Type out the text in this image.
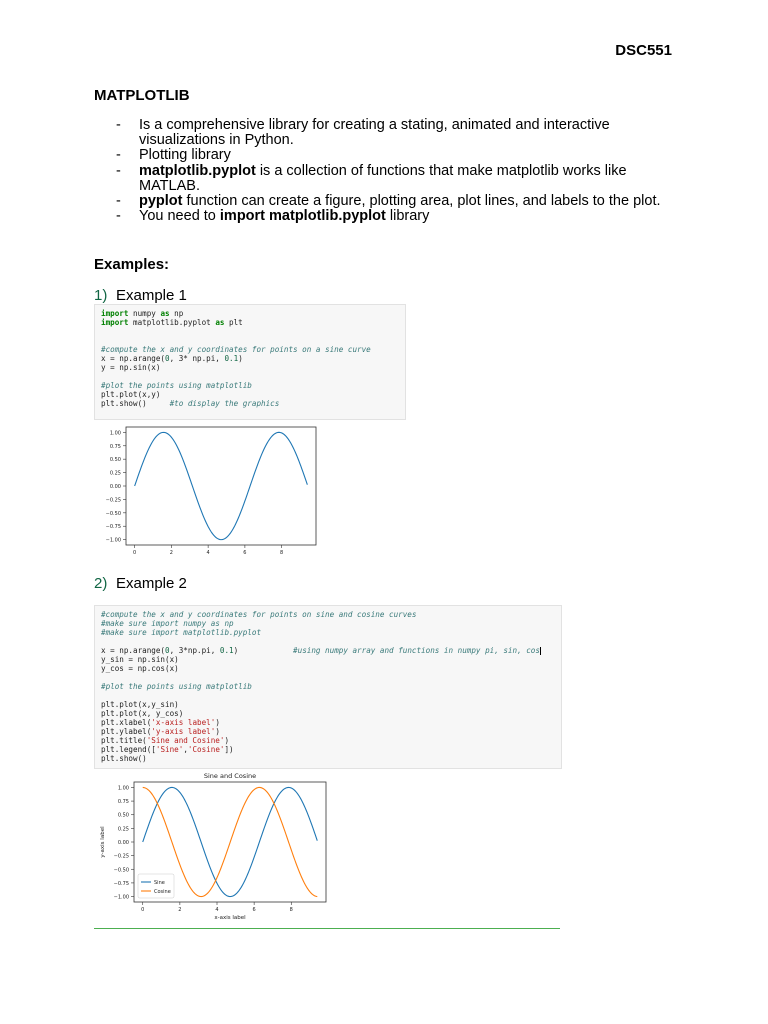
DSC551
MATPLOTLIB
- Is a comprehensive library for creating a stating, animated and interactive
visualizations in Python.
- Plotting library
- matplotlib.pyplot is a collection of functions that make matplotlib works like
MATLAB.
- pyplot function can create a figure, plotting area, plot lines, and labels to the plot.
- You need to import matplotlib.pyplot library
Examples:
1) Example 1
import numpy as np
import matplotlib.pyplot as plt
#compute the x and y coordinates for points on a sine curve
x = np.arange(0, 3* np.pi, 0.1)
y = np.sin(x)
#plot the points using matplotlib
plt.plot(x,y)
plt.show()     #to display the graphics
1.00
0.75
0.50
0.25
0.00
−0.25
−0.50
−0.75
−1.00
0	2	4	6	8
2) Example 2
#compute the x and y coordinates for points on sine and cosine curves
#make sure import numpy as np
#make sure import matplotlib.pyplot
x = np.arange(0, 3*np.pi, 0.1)            #using numpy array and functions in numpy pi, sin, cos
y_sin = np.sin(x)
y_cos = np.cos(x)
#plot the points using matplotlib
plt.plot(x,y_sin)
plt.plot(x, y_cos)
plt.xlabel('x-axis label')
plt.ylabel('y-axis label')
plt.title('Sine and Cosine')
plt.legend(['Sine','Cosine'])
plt.show()
1.00
0.75
0.50
0.25
0.00
−0.25
−0.50
−0.75
−1.00
0	2	4	6	8
Sine and Cosine
x-axis label
y-axis label
Sine
Cosine
